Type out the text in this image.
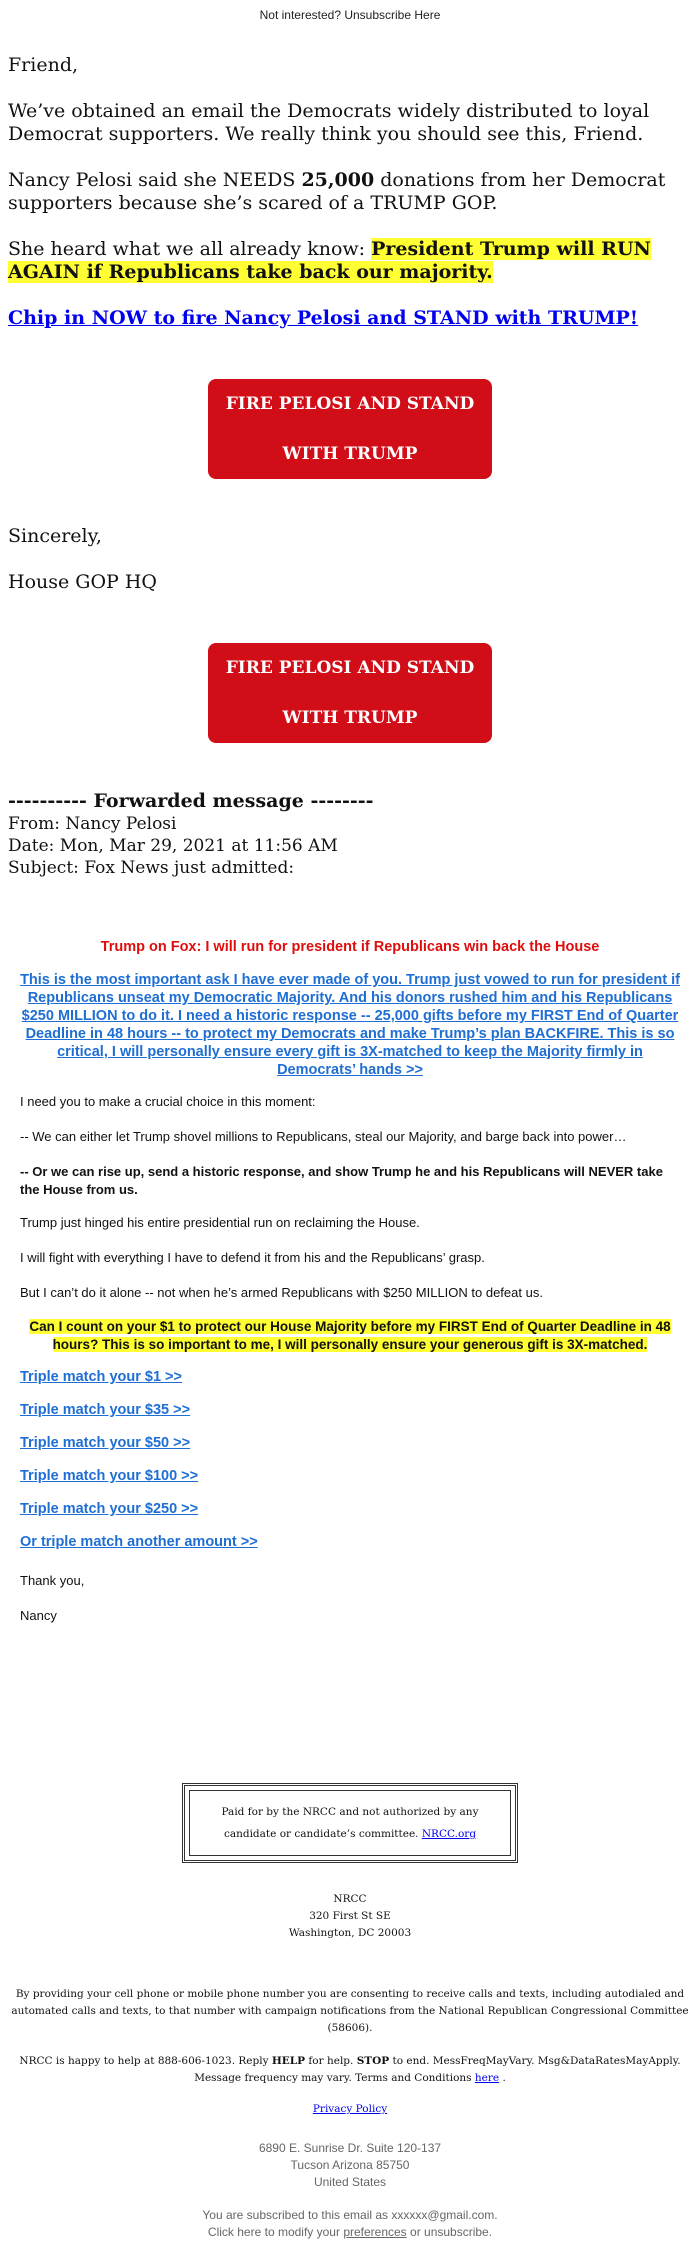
Not interested? Unsubscribe Here

Friend,

We’ve obtained an email the Democrats widely distributed to loyal Democrat supporters. We really think you should see this, Friend.

Nancy Pelosi said she NEEDS 25,000 donations from her Democrat supporters because she’s scared of a TRUMP GOP.

She heard what we all already know: President Trump will RUN AGAIN if Republicans take back our majority.

Chip in NOW to fire Nancy Pelosi and STAND with TRUMP!
FIRE PELOSI AND STAND
WITH TRUMP

Sincerely,

House GOP HQ

FIRE PELOSI AND STAND
WITH TRUMP

---------- Forwarded message --------

From: Nancy Pelosi

Date: Mon, Mar 29, 2021 at 11:56 AM

Subject: Fox News just admitted:

Trump on Fox: I will run for president if Republicans win back the House

This is the most important ask I have ever made of you. Trump just vowed to run for president if Republicans unseat my Democratic Majority. And his donors rushed him and his Republicans $250 MILLION to do it. I need a historic response -- 25,000 gifts before my FIRST End of Quarter Deadline in 48 hours -- to protect my Democrats and make Trump’s plan BACKFIRE. This is so critical, I will personally ensure every gift is 3X-matched to keep the Majority firmly in Democrats’ hands >>

I need you to make a crucial choice in this moment:

-- We can either let Trump shovel millions to Republicans, steal our Majority, and barge back into power…

-- Or we can rise up, send a historic response, and show Trump he and his Republicans will NEVER take the House from us.

Trump just hinged his entire presidential run on reclaiming the House.

I will fight with everything I have to defend it from his and the Republicans’ grasp.

But I can’t do it alone -- not when he’s armed Republicans with $250 MILLION to defeat us.

Can I count on your $1 to protect our House Majority before my FIRST End of Quarter Deadline in 48 hours? This is so important to me, I will personally ensure your generous gift is 3X-matched.

Triple match your $1 >>
Triple match your $35 >>
Triple match your $50 >>
Triple match your $100 >>
Triple match your $250 >>
Or triple match another amount >>

Thank you,

Nancy

Paid for by the NRCC and not authorized by any candidate or candidate’s committee. NRCC.org
NRCC
320 First St SE
Washington, DC 20003
By providing your cell phone or mobile phone number you are consenting to receive calls and texts, including autodialed and automated calls and texts, to that number with campaign notifications from the National Republican Congressional Committee (58606).
NRCC is happy to help at 888-606-1023. Reply HELP for help. STOP to end. MessFreqMayVary. Msg&DataRatesMayApply. Message frequency may vary. Terms and Conditions here .
Privacy Policy
6890 E. Sunrise Dr. Suite 120-137
Tucson Arizona 85750
United States
You are subscribed to this email as xxxxxx@gmail.com.
Click here to modify your preferences or unsubscribe.
